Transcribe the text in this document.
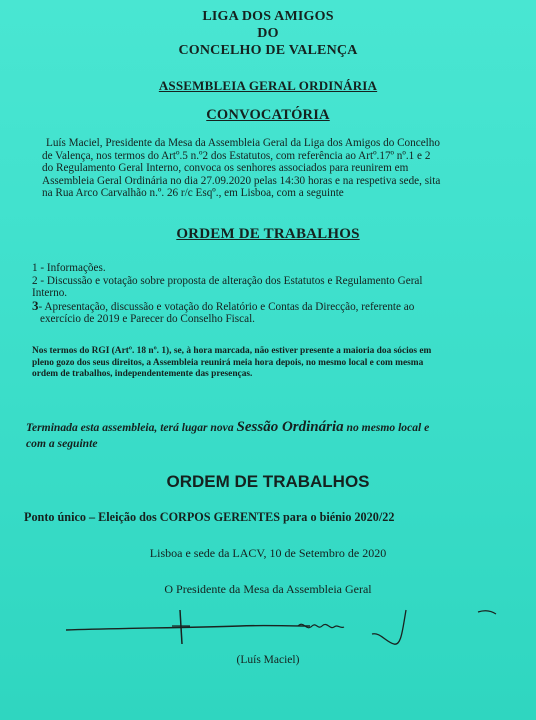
LIGA DOS AMIGOS
DO
CONCELHO DE VALENÇA
ASSEMBLEIA GERAL ORDINÁRIA
CONVOCATÓRIA
Luís Maciel, Presidente da Mesa da Assembleia Geral da Liga dos Amigos do Concelho
de Valença, nos termos do Artº.5 n.º2 dos Estatutos, com referência ao Artº.17º nº.1 e 2
do Regulamento Geral Interno, convoca os senhores associados para reunirem em
Assembleia Geral Ordinária no dia 27.09.2020 pelas 14:30 horas e na respetiva sede, sita
na Rua Arco Carvalhão n.º. 26 r/c Esqº., em Lisboa, com a seguinte
ORDEM DE TRABALHOS
1 - Informações.
2 - Discussão e votação sobre proposta de alteração dos Estatutos e Regulamento Geral
Interno.
3- Apresentação, discussão e votação do Relatório e Contas da Direcção, referente ao
exercício de 2019 e Parecer do Conselho Fiscal.
Nos termos do RGI (Artº. 18 nº. 1), se, à hora marcada, não estiver presente a maioria doa sócios em
pleno gozo dos seus direitos, a Assembleia reunirá meia hora depois, no mesmo local e com mesma
ordem de trabalhos, independentemente das presenças.
Terminada esta assembleia, terá lugar nova Sessão Ordinária no mesmo local e
com a seguinte
ORDEM DE TRABALHOS
Ponto único – Eleição dos CORPOS GERENTES para o biénio 2020/22
Lisboa e sede da LACV, 10 de Setembro de 2020
O Presidente da Mesa da Assembleia Geral
(Luís Maciel)
